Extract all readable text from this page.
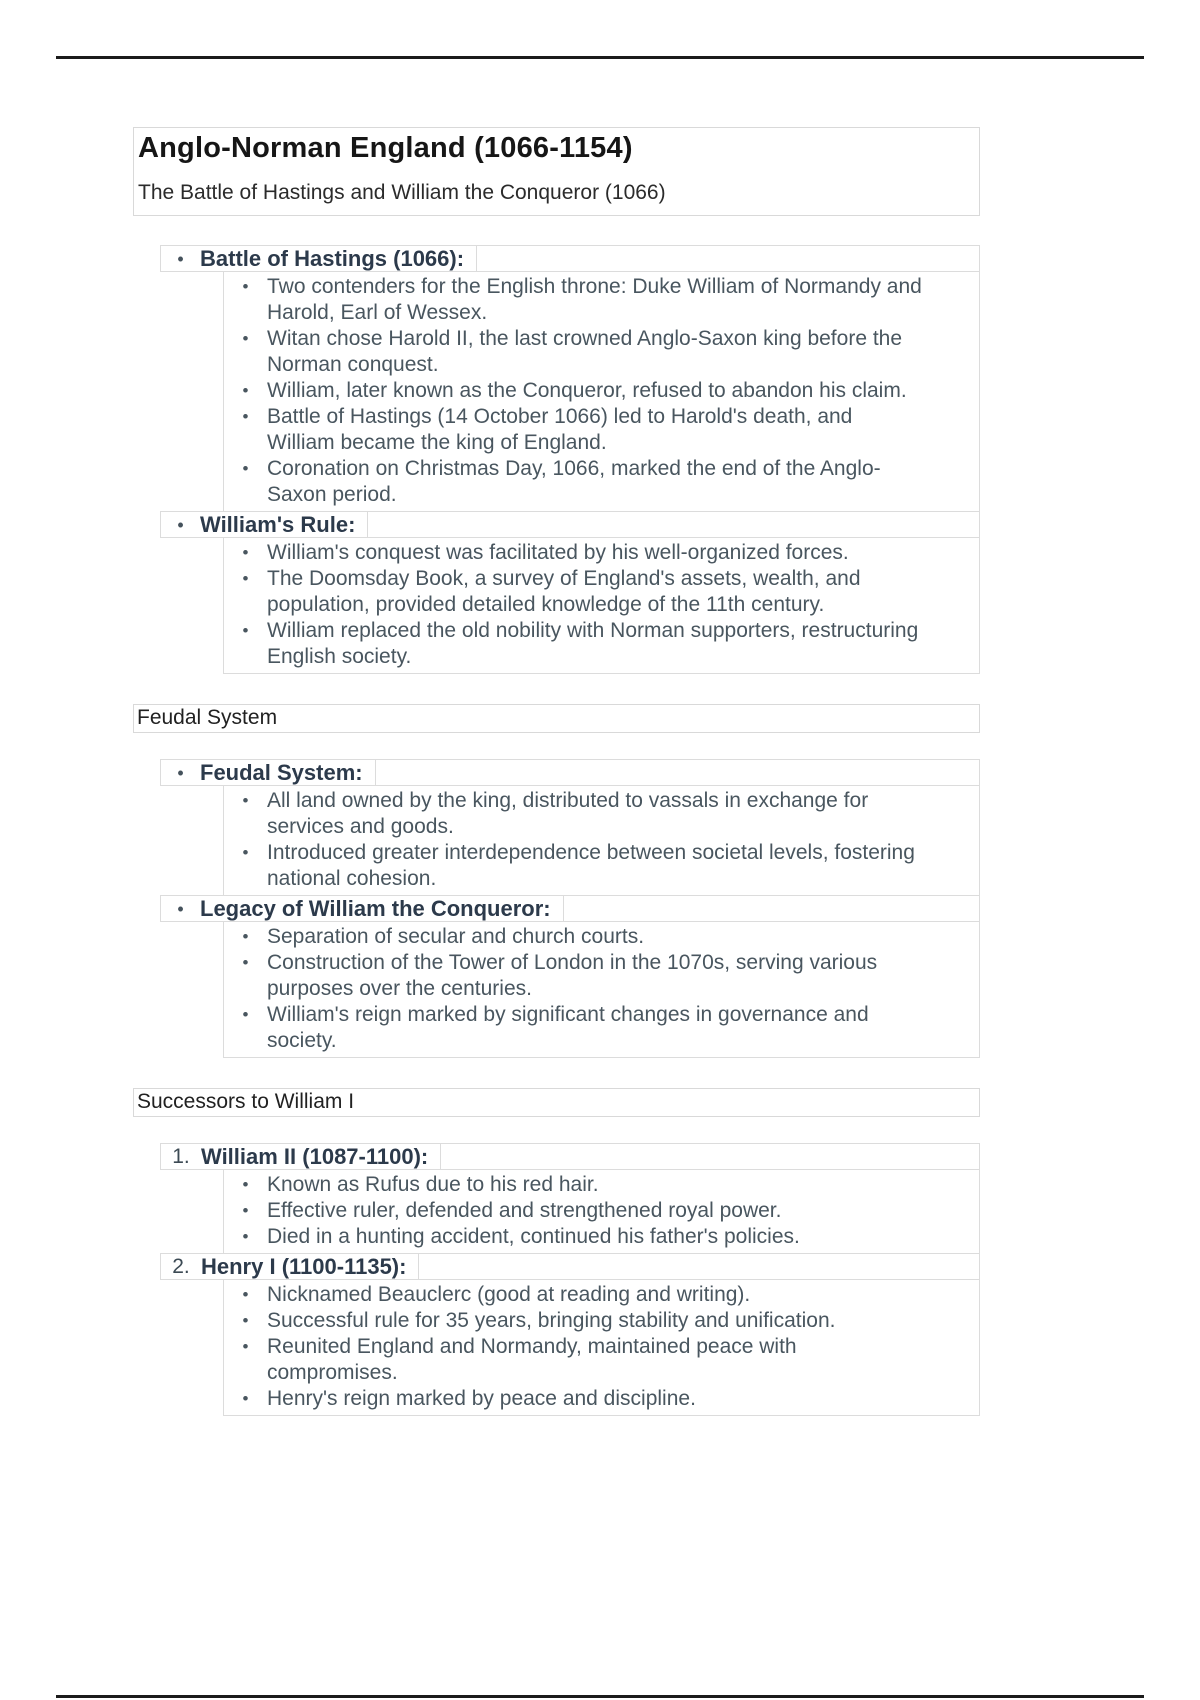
Anglo-Norman England (1066-1154)

The Battle of Hastings and William the Conqueror (1066)

• Battle of Hastings (1066):
• Two contenders for the English throne: Duke William of Normandy and Harold, Earl of Wessex.
• Witan chose Harold II, the last crowned Anglo-Saxon king before the Norman conquest.
• William, later known as the Conqueror, refused to abandon his claim.
• Battle of Hastings (14 October 1066) led to Harold's death, and William became the king of England.
• Coronation on Christmas Day, 1066, marked the end of the Anglo-Saxon period.
• William's Rule:
• William's conquest was facilitated by his well-organized forces.
• The Doomsday Book, a survey of England's assets, wealth, and population, provided detailed knowledge of the 11th century.
• William replaced the old nobility with Norman supporters, restructuring English society.
Feudal System
• Feudal System:
• All land owned by the king, distributed to vassals in exchange for services and goods.
• Introduced greater interdependence between societal levels, fostering national cohesion.
• Legacy of William the Conqueror:
• Separation of secular and church courts.
• Construction of the Tower of London in the 1070s, serving various purposes over the centuries.
• William's reign marked by significant changes in governance and society.
Successors to William I
1. William II (1087-1100):
• Known as Rufus due to his red hair.
• Effective ruler, defended and strengthened royal power.
• Died in a hunting accident, continued his father's policies.
2. Henry I (1100-1135):
• Nicknamed Beauclerc (good at reading and writing).
• Successful rule for 35 years, bringing stability and unification.
• Reunited England and Normandy, maintained peace with compromises.
• Henry's reign marked by peace and discipline.
